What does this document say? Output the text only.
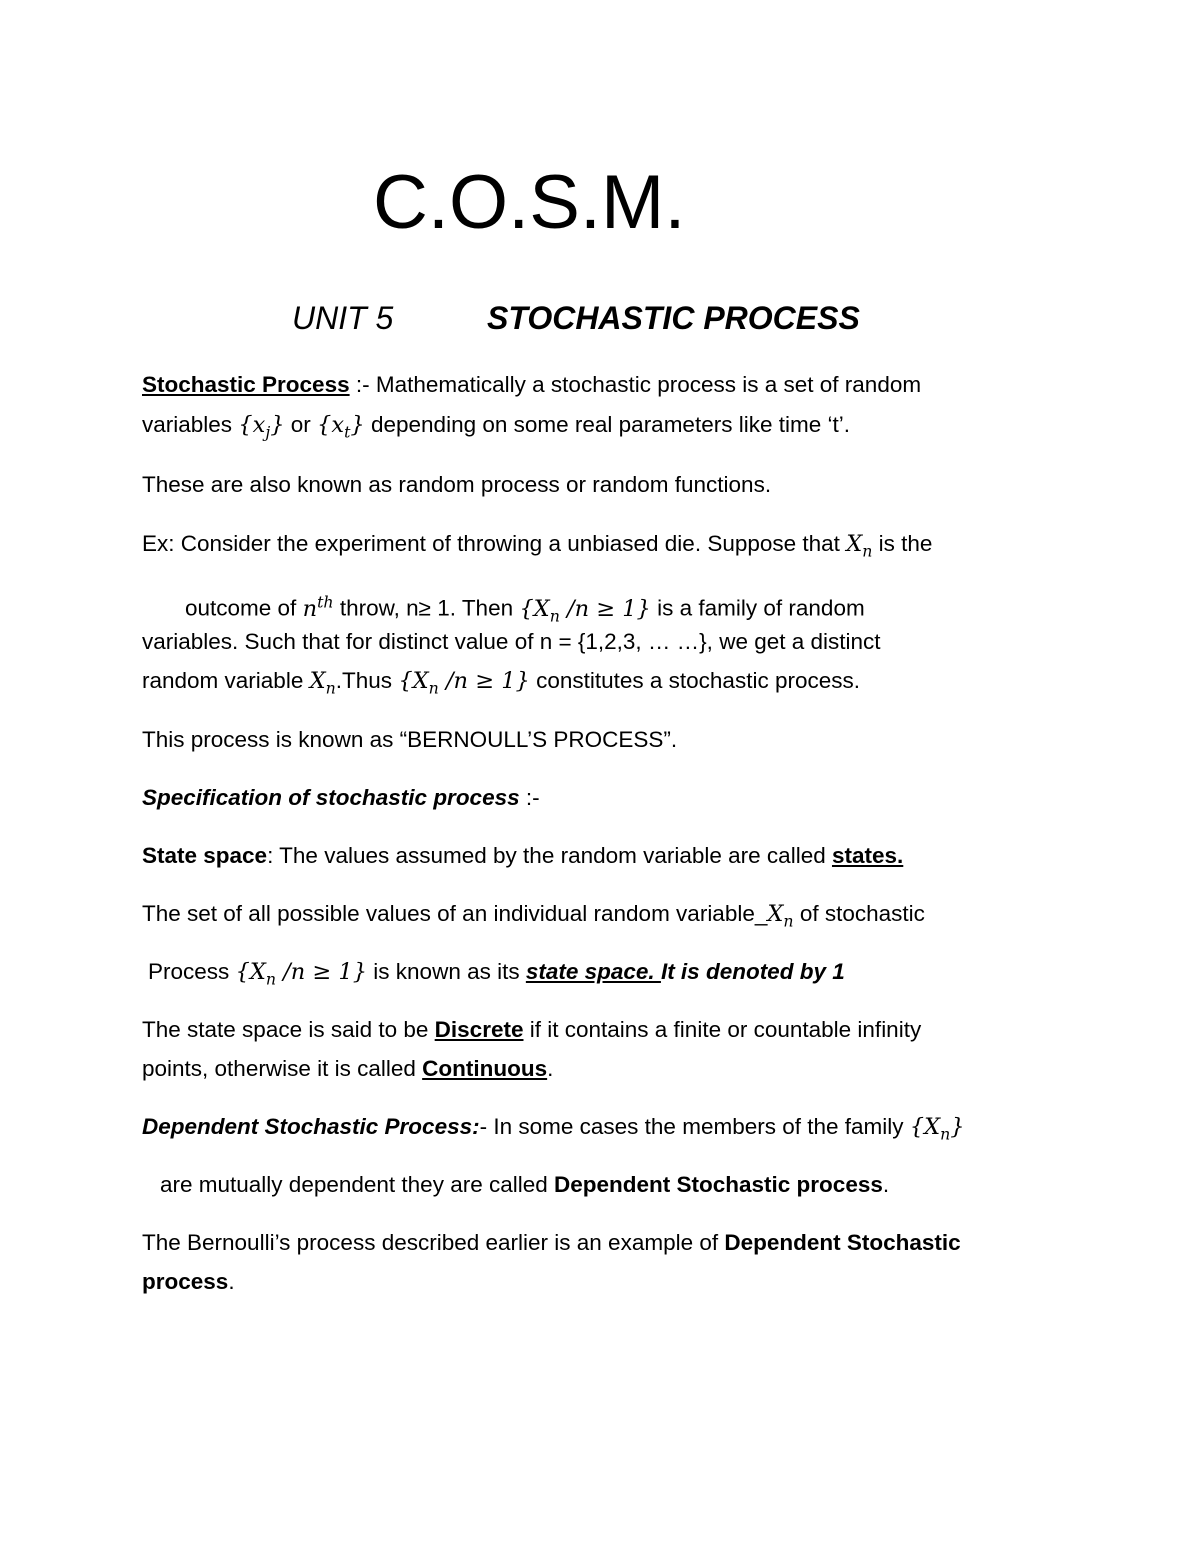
C.O.S.M.
UNIT 5	STOCHASTIC PROCESS
Stochastic Process :- Mathematically a stochastic process is a set of random
variables $\{x_j\}$ or $\{x_t\}$ depending on some real parameters like time ‘t’.
These are also known as random process or random functions.
Ex: Consider the experiment of throwing a unbiased die. Suppose that $X_n$ is the
outcome of $n^{th}$ throw, n≥ 1. Then {$X_n$ /n ≥ 1} is a family of random
variables. Such that for distinct value of n = {1,2,3, … …}, we get a distinct
random variable $X_n.Thus$ {$X_n$ /n ≥ 1} constitutes a stochastic process.
This process is known as “BERNOULL’S PROCESS”.
Specification of stochastic process :-
State space: The values assumed by the random variable are called states.
The set of all possible values of an individual random $variable\_X_n$ of stochastic
Process {$X_n$ /n ≥ 1} is known as its state space. It is denoted by 1
The state space is said to be Discrete if it contains a finite or countable infinity
points, otherwise it is called Continuous.
Dependent Stochastic Process:- In some cases the members of the family $\{X_n\}$
are mutually dependent they are called Dependent Stochastic process.
The Bernoulli’s process described earlier is an example of Dependent Stochastic
process.
